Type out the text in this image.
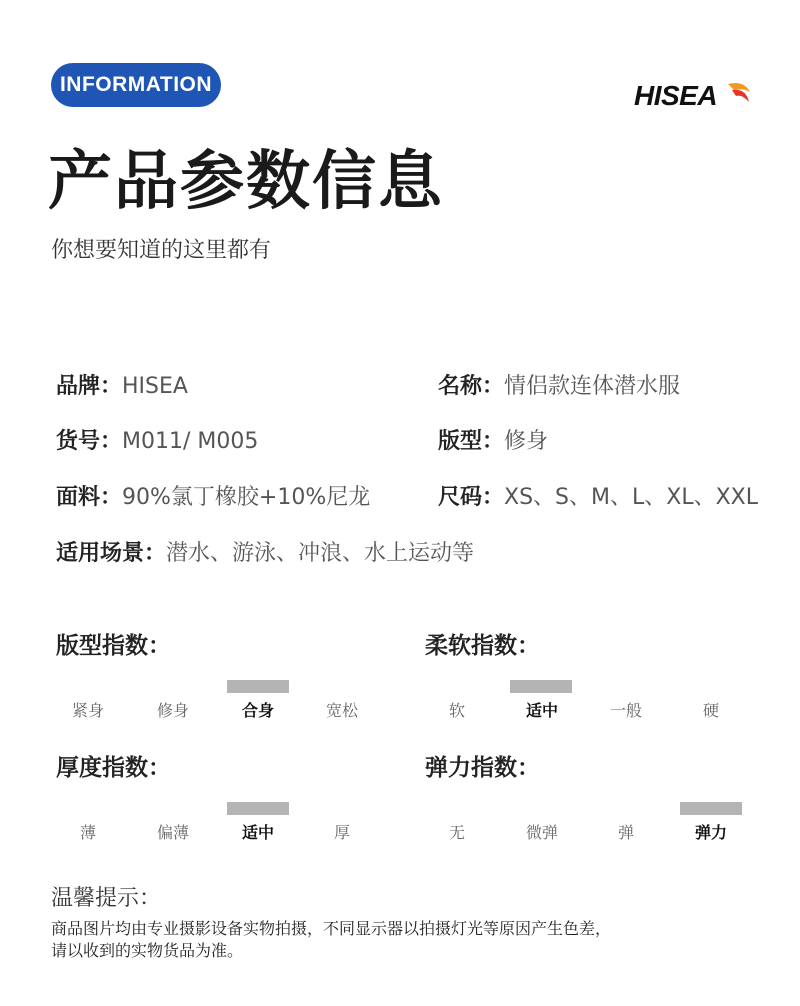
INFORMATION	HISEA
产品参数信息

你想要知道的这里都有

品牌：HISEA	名称：情侣款连体潜水服
货号：M011/ M005	版型：修身
面料：90%氯丁橡胶+10%尼龙	尺码：XS、S、M、L、XL、XXL
适用场景：潜水、游泳、冲浪、水上运动等
版型指数：
紧身	修身	合身	宽松
柔软指数：
软	适中	一般	硬
厚度指数：
薄	偏薄	适中	厚
弹力指数：
无	微弹	弹	弹力

温馨提示：

商品图片均由专业摄影设备实物拍摄，不同显示器以拍摄灯光等原因产生色差，
请以收到的实物货品为准。
